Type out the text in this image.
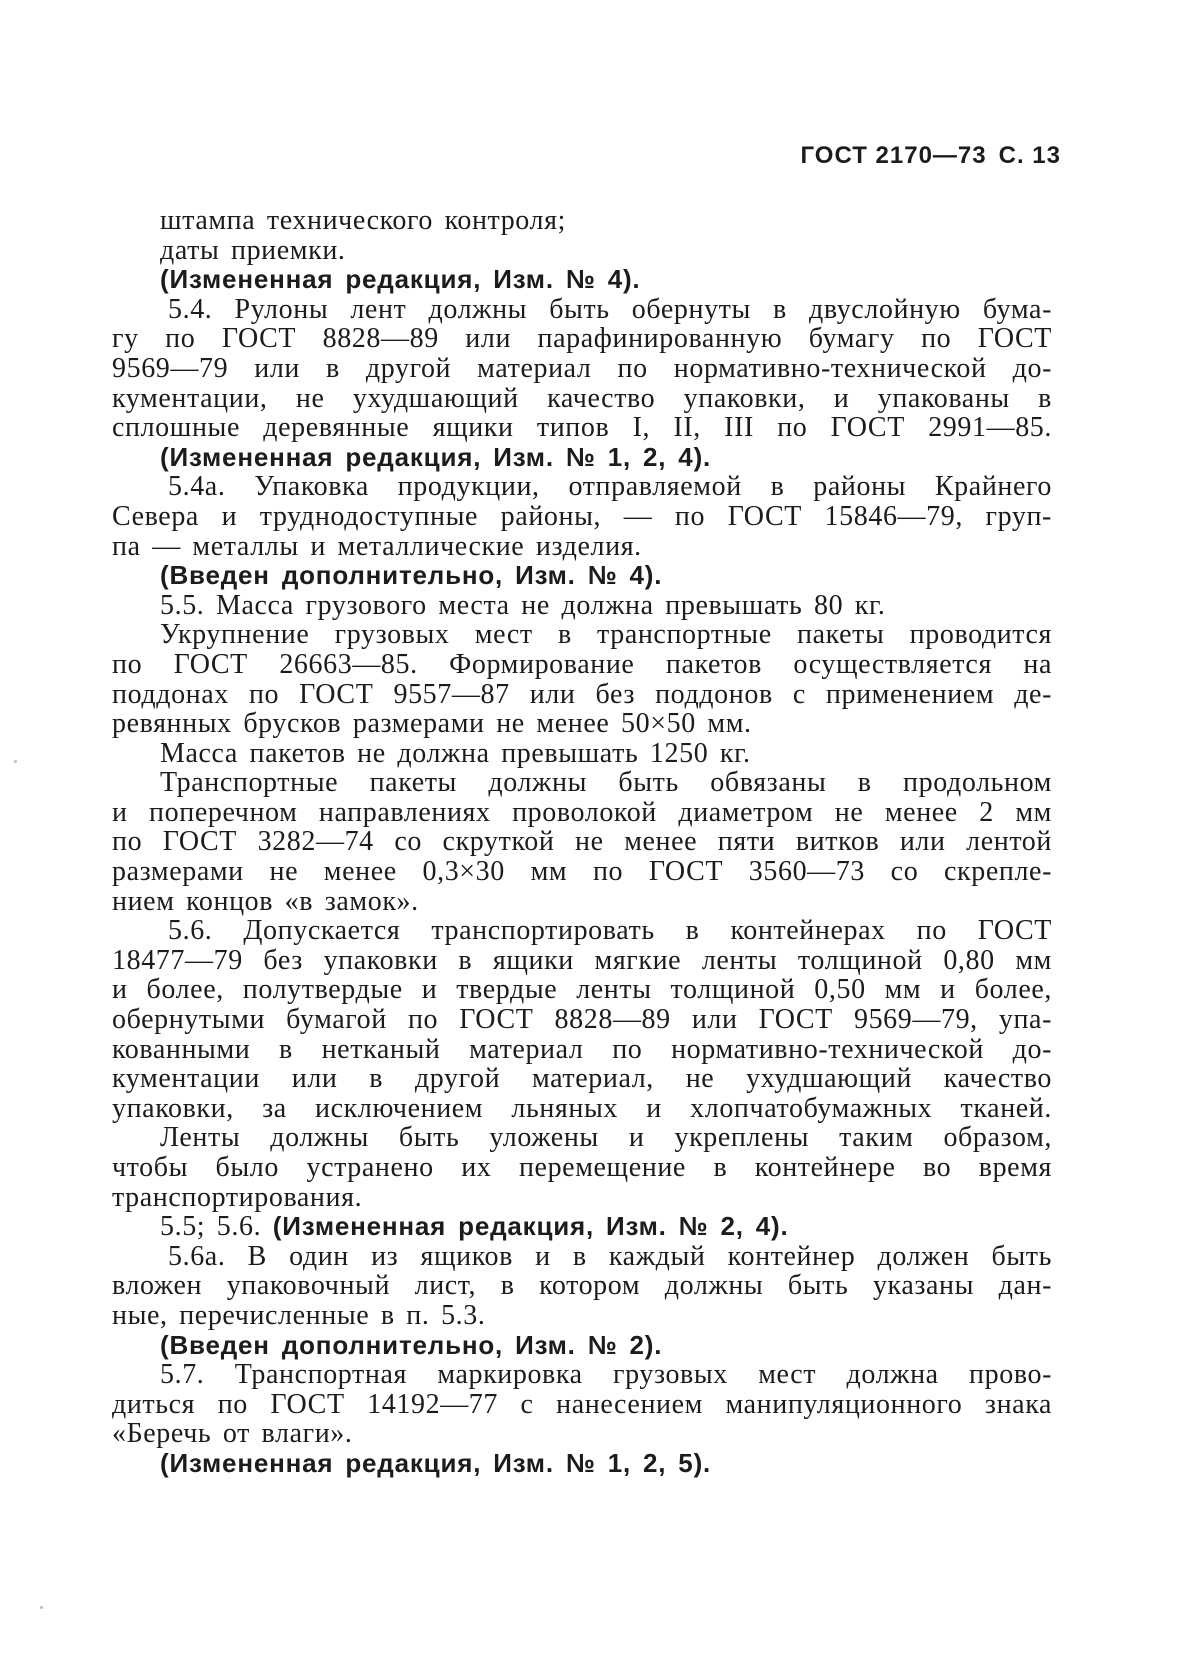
ГОСТ 2170—73 С. 13
штампа технического контроля;
даты приемки.
(Измененная редакция, Изм. № 4).
5.4. Рулоны лент должны быть обернуты в двуслойную бума-
гу по ГОСТ 8828—89 или парафинированную бумагу по ГОСТ
9569—79 или в другой материал по нормативно-технической до-
кументации, не ухудшающий качество упаковки, и упакованы в
сплошные деревянные ящики типов I, II, III по ГОСТ 2991—85.
(Измененная редакция, Изм. № 1, 2, 4).
5.4а. Упаковка продукции, отправляемой в районы Крайнего
Севера и труднодоступные районы, — по ГОСТ 15846—79, груп-
па — металлы и металлические изделия.
(Введен дополнительно, Изм. № 4).
5.5. Масса грузового места не должна превышать 80 кг.
Укрупнение грузовых мест в транспортные пакеты проводится
по ГОСТ 26663—85. Формирование пакетов осуществляется на
поддонах по ГОСТ 9557—87 или без поддонов с применением де-
ревянных брусков размерами не менее 50×50 мм.
Масса пакетов не должна превышать 1250 кг.
Транспортные пакеты должны быть обвязаны в продольном
и поперечном направлениях проволокой диаметром не менее 2 мм
по ГОСТ 3282—74 со скруткой не менее пяти витков или лентой
размерами не менее 0,3×30 мм по ГОСТ 3560—73 со скрепле-
нием концов «в замок».
5.6. Допускается транспортировать в контейнерах по ГОСТ
18477—79 без упаковки в ящики мягкие ленты толщиной 0,80 мм
и более, полутвердые и твердые ленты толщиной 0,50 мм и более,
обернутыми бумагой по ГОСТ 8828—89 или ГОСТ 9569—79, упа-
кованными в нетканый материал по нормативно-технической до-
кументации или в другой материал, не ухудшающий качество
упаковки, за исключением льняных и хлопчатобумажных тканей.
Ленты должны быть уложены и укреплены таким образом,
чтобы было устранено их перемещение в контейнере во время
транспортирования.
5.5; 5.6. (Измененная редакция, Изм. № 2, 4).
5.6а. В один из ящиков и в каждый контейнер должен быть
вложен упаковочный лист, в котором должны быть указаны дан-
ные, перечисленные в п. 5.3.
(Введен дополнительно, Изм. № 2).
5.7. Транспортная маркировка грузовых мест должна прово-
диться по ГОСТ 14192—77 с нанесением манипуляционного знака
«Беречь от влаги».
(Измененная редакция, Изм. № 1, 2, 5).
